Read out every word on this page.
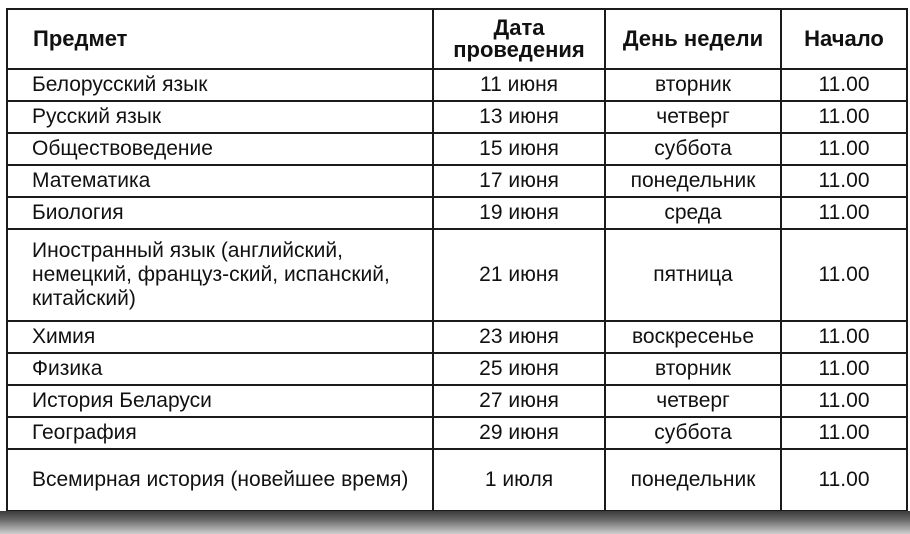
Предмет	Дата проведения	День недели	Начало
Белорусский язык	11 июня	вторник	11.00
Русский язык	13 июня	четверг	11.00
Обществоведение	15 июня	суббота	11.00
Математика	17 июня	понедельник	11.00
Биология	19 июня	среда	11.00
Иностранный язык (английский, немецкий, француз-ский, испанский, китайский)	21 июня	пятница	11.00
Химия	23 июня	воскресенье	11.00
Физика	25 июня	вторник	11.00
История Беларуси	27 июня	четверг	11.00
География	29 июня	суббота	11.00
Всемирная история (новейшее время)	1 июля	понедельник	11.00
